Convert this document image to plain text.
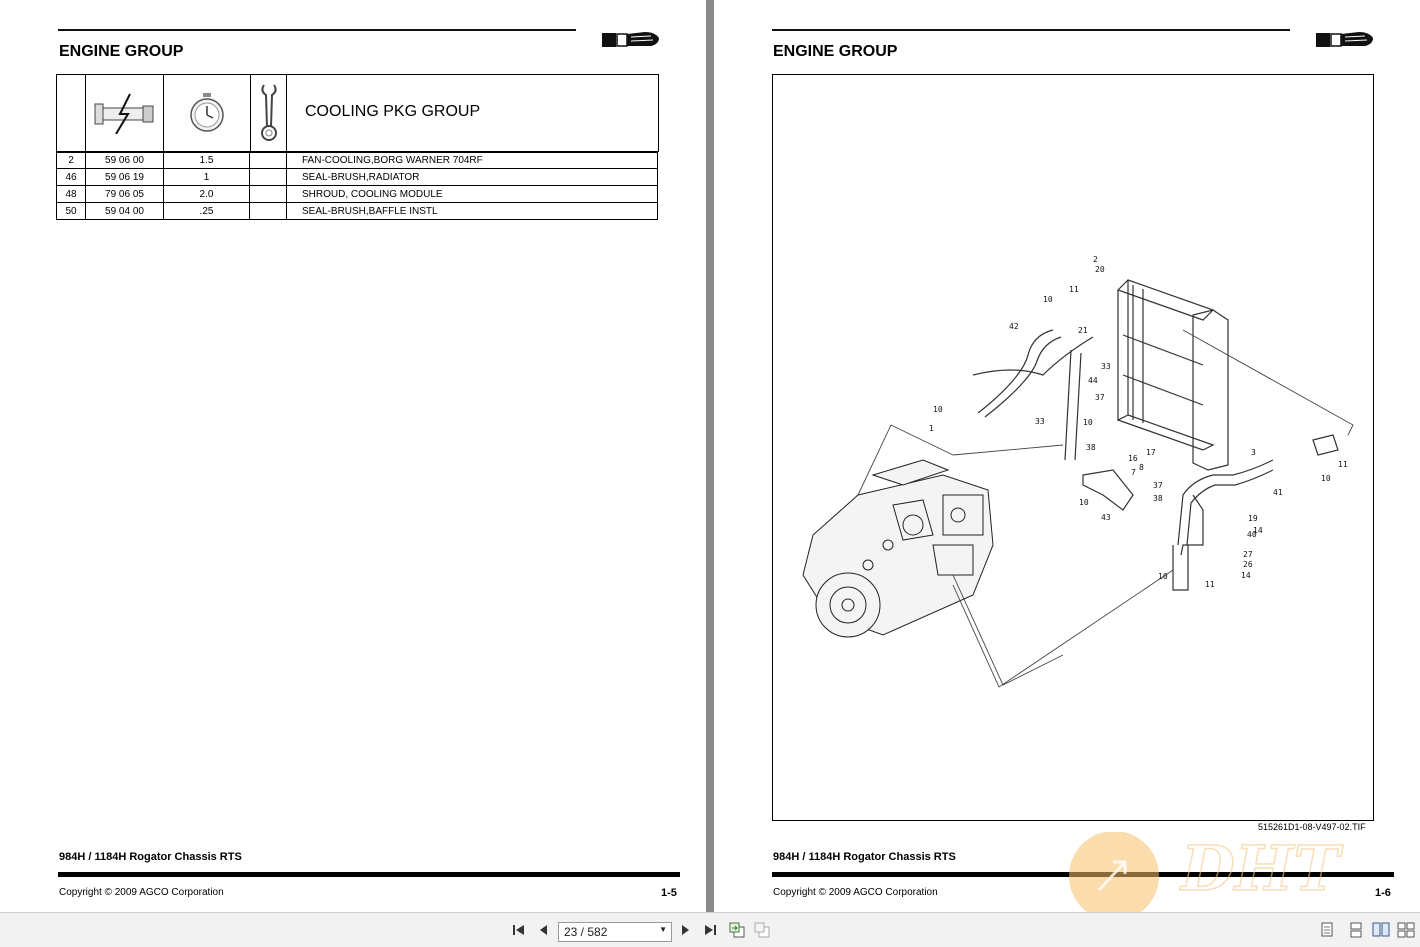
ENGINE GROUP
COOLING PKG GROUP
2	59 06 00	1.5	FAN-COOLING,BORG WARNER 704RF
46	59 06 19	1	SEAL-BRUSH,RADIATOR
48	79 06 05	2.0	SHROUD, COOLING MODULE
50	59 04 00	.25	SEAL-BRUSH,BAFFLE INSTL
984H / 1184H Rogator Chassis RTS
Copyright © 2009 AGCO Corporation	1-5
ENGINE GROUP
2
20
11
10
21
42
33
44
37
10
1
33	10
38
16
17
8
7
3
37
38
41
11
10
10
43	19
14
40
27
26
14
10
11
515261D1-08-V497-02.TIF
984H / 1184H Rogator Chassis RTS
Copyright © 2009 AGCO Corporation	1-6
DHT
23 / 582	▼
